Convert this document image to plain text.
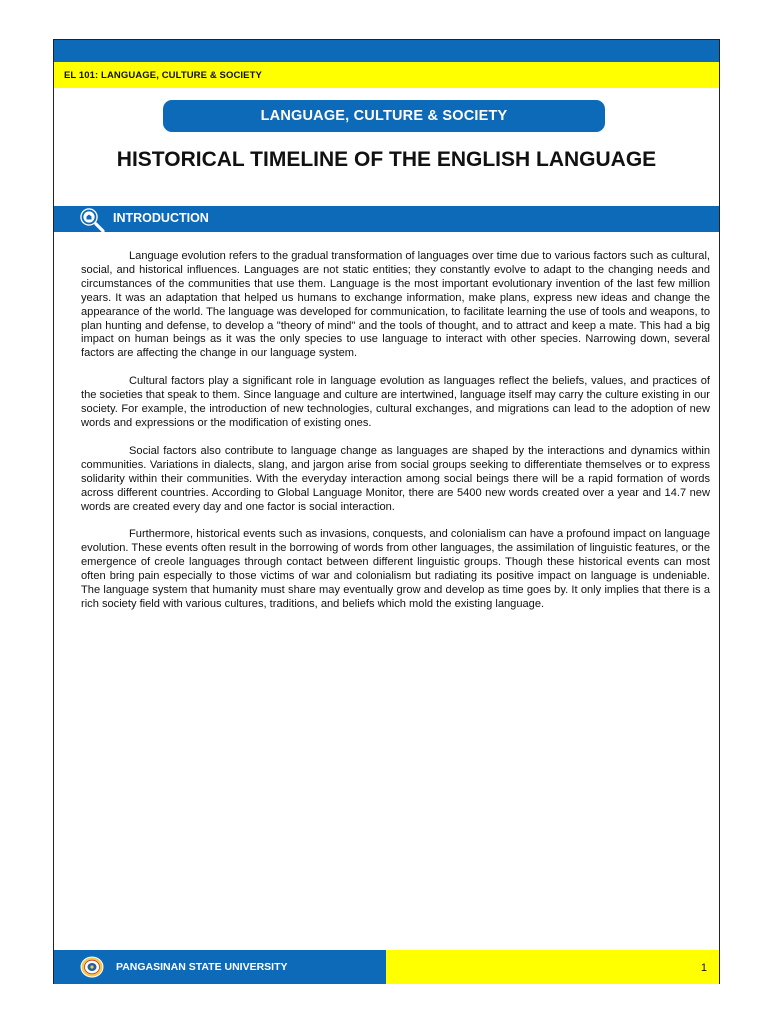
EL 101: LANGUAGE, CULTURE & SOCIETY
LANGUAGE, CULTURE & SOCIETY
HISTORICAL TIMELINE OF THE ENGLISH LANGUAGE
INTRODUCTION

Language evolution refers to the gradual transformation of languages over time due to various factors such as cultural, social, and historical influences. Languages are not static entities; they constantly evolve to adapt to the changing needs and circumstances of the communities that use them. Language is the most important evolutionary invention of the last few million years. It was an adaptation that helped us humans to exchange information, make plans, express new ideas and change the appearance of the world. The language was developed for communication, to facilitate learning the use of tools and weapons, to plan hunting and defense, to develop a "theory of mind" and the tools of thought, and to attract and keep a mate. This had a big impact on human beings as it was the only species to use language to interact with other species. Narrowing down, several factors are affecting the change in our language system.

Cultural factors play a significant role in language evolution as languages reflect the beliefs, values, and practices of the societies that speak to them. Since language and culture are intertwined, language itself may carry the culture existing in our society. For example, the introduction of new technologies, cultural exchanges, and migrations can lead to the adoption of new words and expressions or the modification of existing ones.

Social factors also contribute to language change as languages are shaped by the interactions and dynamics within communities. Variations in dialects, slang, and jargon arise from social groups seeking to differentiate themselves or to express solidarity within their communities. With the everyday interaction among social beings there will be a rapid formation of words across different countries. According to Global Language Monitor, there are 5400 new words created over a year and 14.7 new words are created every day and one factor is social interaction.

Furthermore, historical events such as invasions, conquests, and colonialism can have a profound impact on language evolution. These events often result in the borrowing of words from other languages, the assimilation of linguistic features, or the emergence of creole languages through contact between different linguistic groups. Though these historical events can most often bring pain especially to those victims of war and colonialism but radiating its positive impact on language is undeniable. The language system that humanity must share may eventually grow and develop as time goes by. It only implies that there is a rich society field with various cultures, traditions, and beliefs which mold the existing language.

PANGASINAN STATE UNIVERSITY	1
